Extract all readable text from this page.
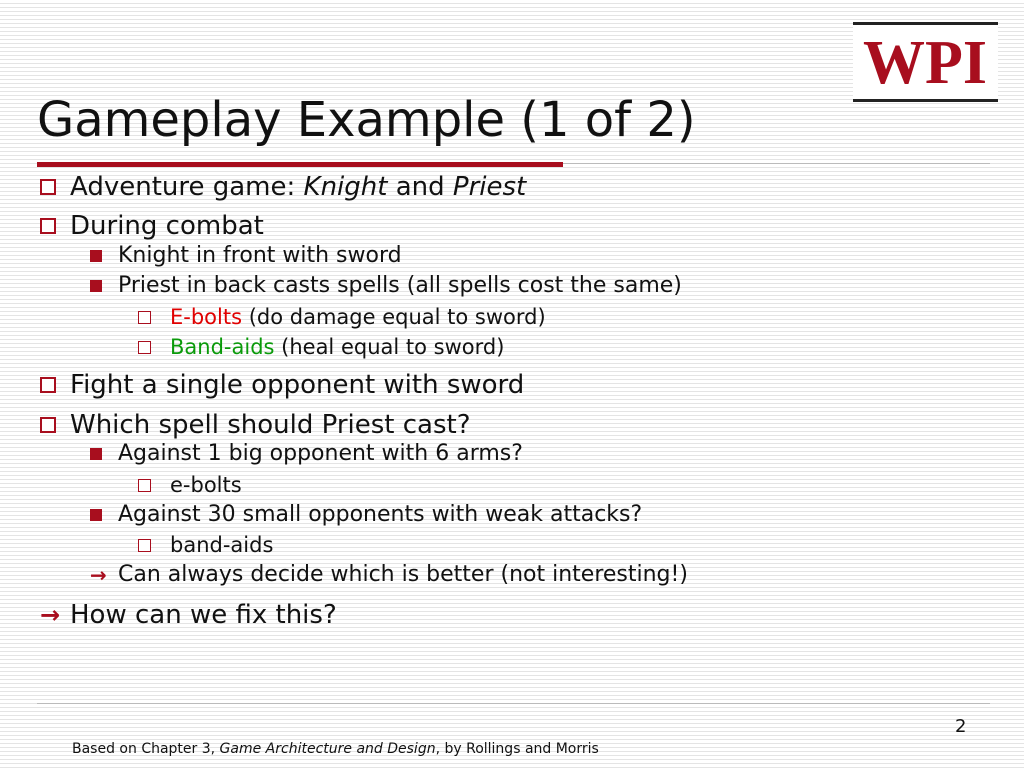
WPI
Gameplay Example (1 of 2)
Adventure game: Knight and Priest
During combat
Knight in front with sword
Priest in back casts spells (all spells cost the same)
E-bolts (do damage equal to sword)
Band-aids (heal equal to sword)
Fight a single opponent with sword
Which spell should Priest cast?
Against 1 big opponent with 6 arms?
e-bolts
Against 30 small opponents with weak attacks?
band-aids
→ Can always decide which is better (not interesting!)
→ How can we fix this?
2
Based on Chapter 3, Game Architecture and Design, by Rollings and Morris
